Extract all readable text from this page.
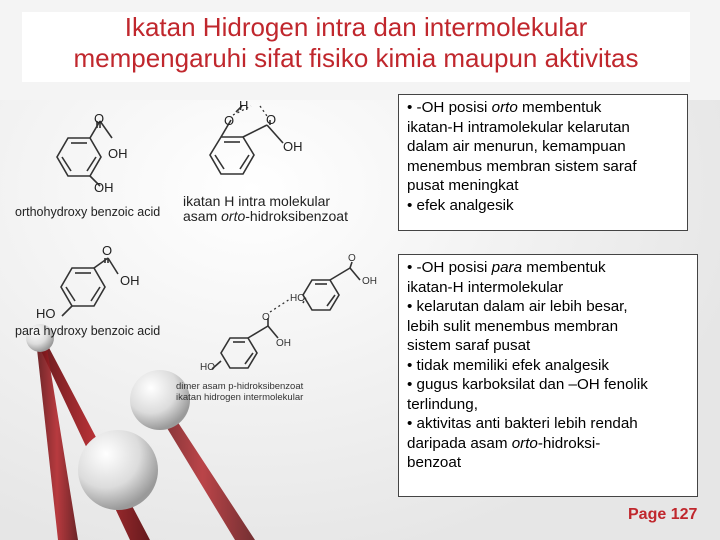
Ikatan Hidrogen intra dan intermolekular
mempengaruhi sifat fisiko kimia maupun aktivitas
O
OH
OH
O
H
O
OH
O
OH
HO
O
OH
HO
O
OH
HO
orthohydroxy benzoic acid
para hydroxy benzoic acid
ikatan H intra molekular
asam orto-hidroksibenzoat
dimer asam p-hidroksibenzoat
ikatan hidrogen intermolekular
• -OH posisi orto membentuk
ikatan-H intramolekular kelarutan
dalam air menurun, kemampuan
menembus membran sistem saraf
pusat meningkat
• efek analgesik
• -OH posisi para membentuk
ikatan-H intermolekular
• kelarutan dalam air lebih besar,
lebih sulit menembus membran
sistem saraf pusat
• tidak memiliki efek analgesik
• gugus karboksilat dan –OH fenolik
terlindung,
• aktivitas anti bakteri lebih rendah
daripada asam orto-hidroksi-
benzoat
Page 127
